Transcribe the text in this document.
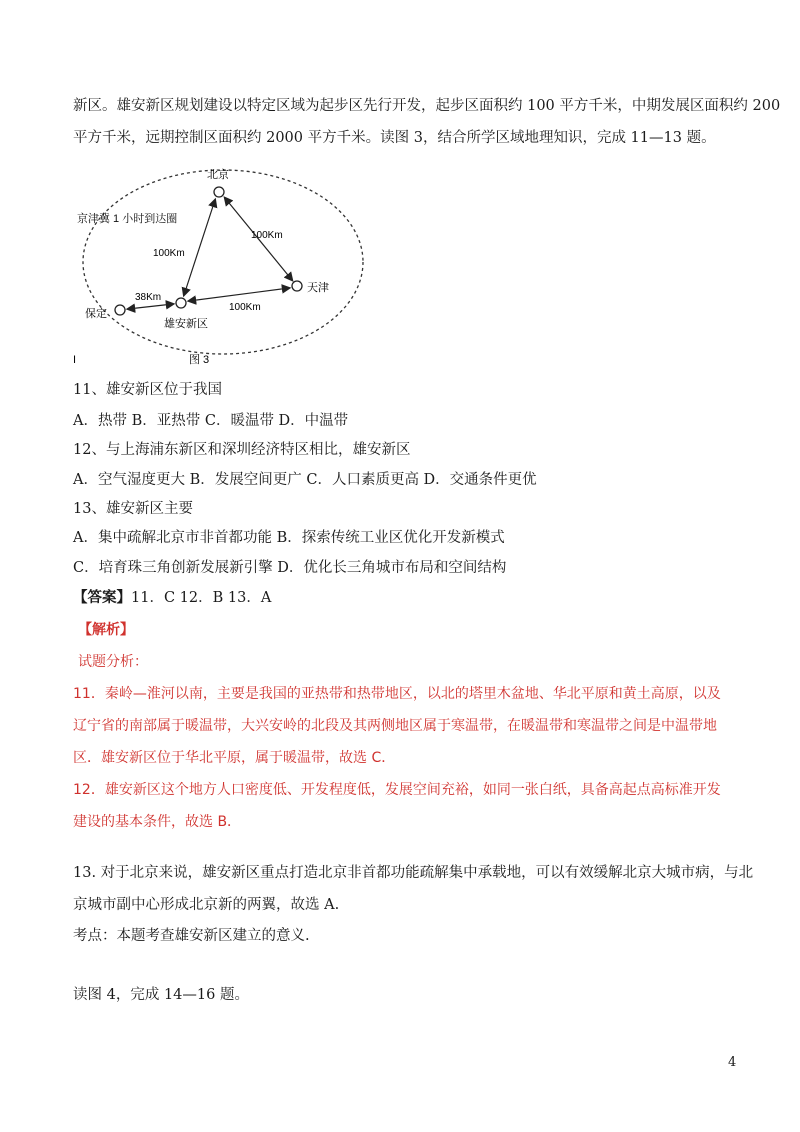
新区。雄安新区规划建设以特定区域为起步区先行开发，起步区面积约 100 平方千米，中期发展区面积约 200
平方千米，远期控制区面积约 2000 平方千米。读图 3，结合所学区域地理知识，完成 11—13 题。
京津冀 1 小时到达圈
北京
天津
雄安新区
保定
100Km
100Km
100Km
38Km
I	图 3
11、雄安新区位于我国
A．热带 B．亚热带 C．暖温带 D．中温带
12、与上海浦东新区和深圳经济特区相比，雄安新区
A．空气湿度更大 B．发展空间更广 C．人口素质更高 D．交通条件更优
13、雄安新区主要
A．集中疏解北京市非首都功能 B．探索传统工业区优化开发新模式
C．培育珠三角创新发展新引擎 D．优化长三角城市布局和空间结构
【答案】11．C 12．B 13．A
【解析】
试题分析：
11．秦岭—淮河以南，主要是我国的亚热带和热带地区，以北的塔里木盆地、华北平原和黄土高原，以及
辽宁省的南部属于暖温带，大兴安岭的北段及其两侧地区属于寒温带，在暖温带和寒温带之间是中温带地
区．雄安新区位于华北平原，属于暖温带，故选 C．
12．雄安新区这个地方人口密度低、开发程度低，发展空间充裕，如同一张白纸，具备高起点高标准开发
建设的基本条件，故选 B．
13. 对于北京来说，雄安新区重点打造北京非首都功能疏解集中承载地，可以有效缓解北京大城市病，与北
京城市副中心形成北京新的两翼，故选 A.
考点：本题考查雄安新区建立的意义.
读图 4，完成 14—16 题。
4
